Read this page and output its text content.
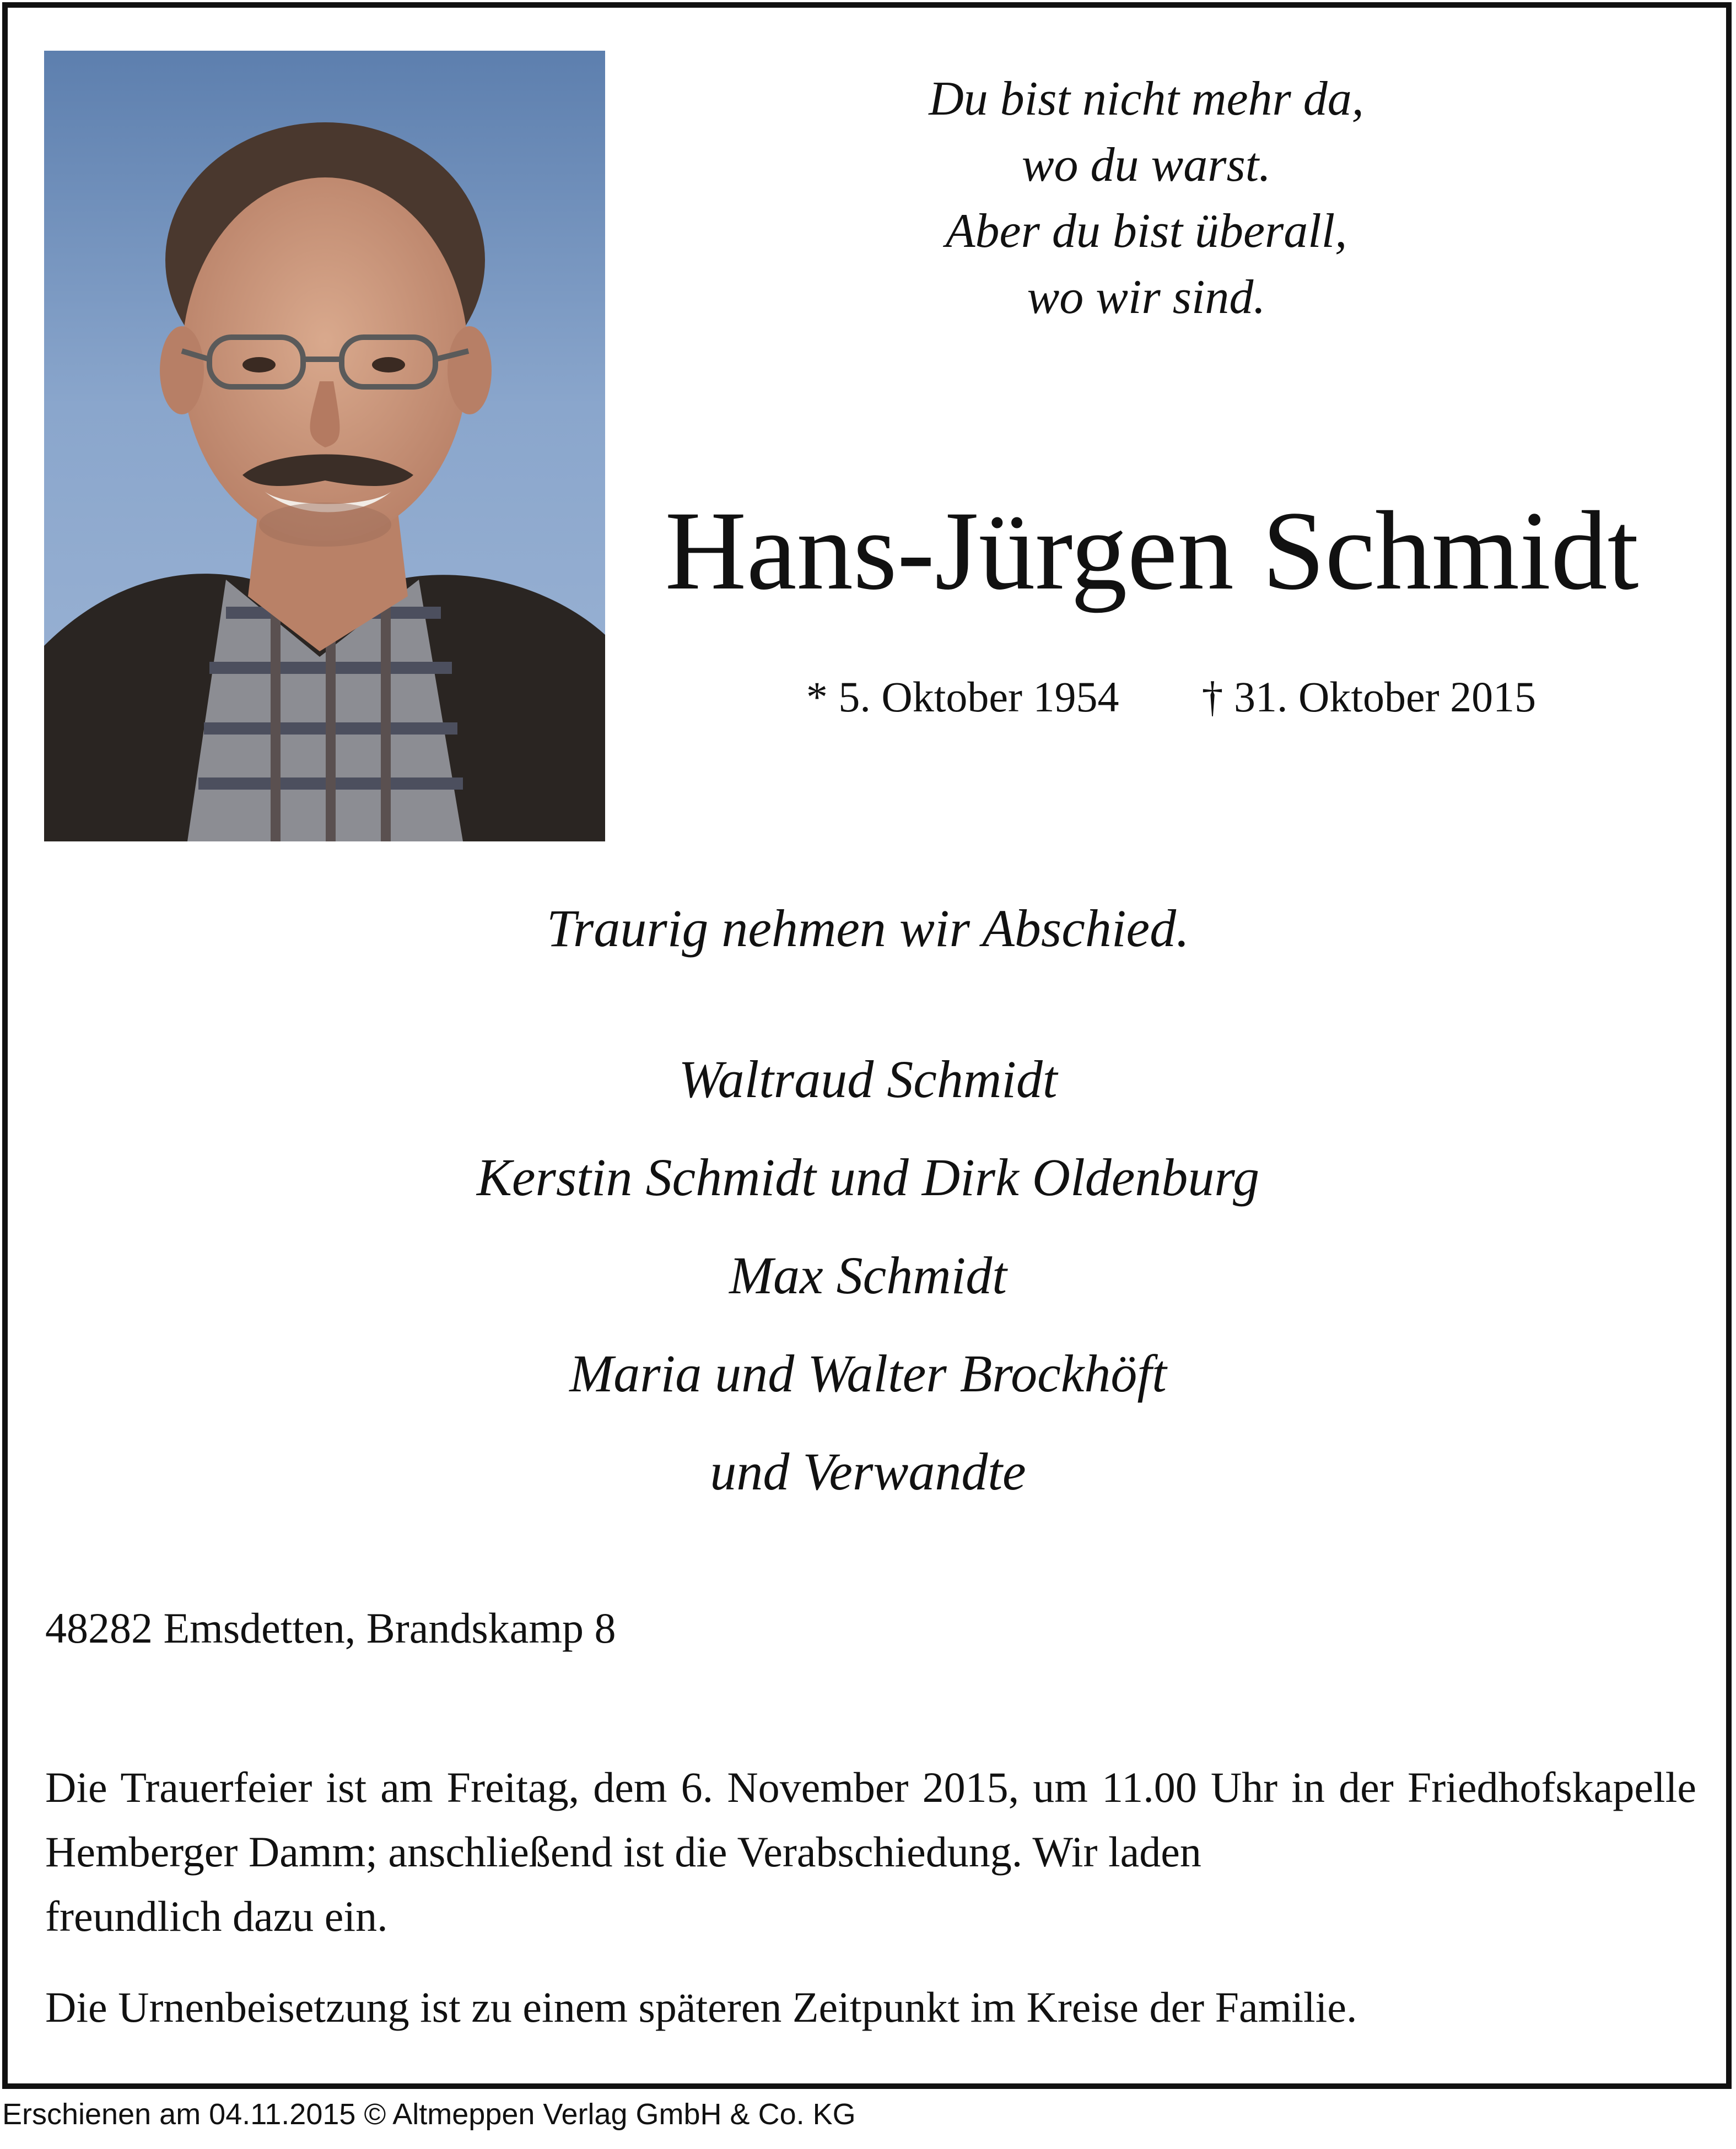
Du bist nicht mehr da,
wo du warst.
Aber du bist überall,
wo wir sind.
Hans-Jürgen Schmidt
* 5. Oktober 1954 † 31. Oktober 2015
Traurig nehmen wir Abschied.
Waltraud Schmidt
Kerstin Schmidt und Dirk Oldenburg
Max Schmidt
Maria und Walter Brockhöft
und Verwandte
48282 Emsdetten, Brandskamp 8

Die Trauerfeier ist am Freitag, dem 6. November 2015, um 11.00 Uhr in der Friedhofskapelle Hemberger Damm; anschließend ist die Verabschiedung. Wir laden

freundlich dazu ein.

Die Urnenbeisetzung ist zu einem späteren Zeitpunkt im Kreise der Familie.
Erschienen am 04.11.2015 © Altmeppen Verlag GmbH & Co. KG
